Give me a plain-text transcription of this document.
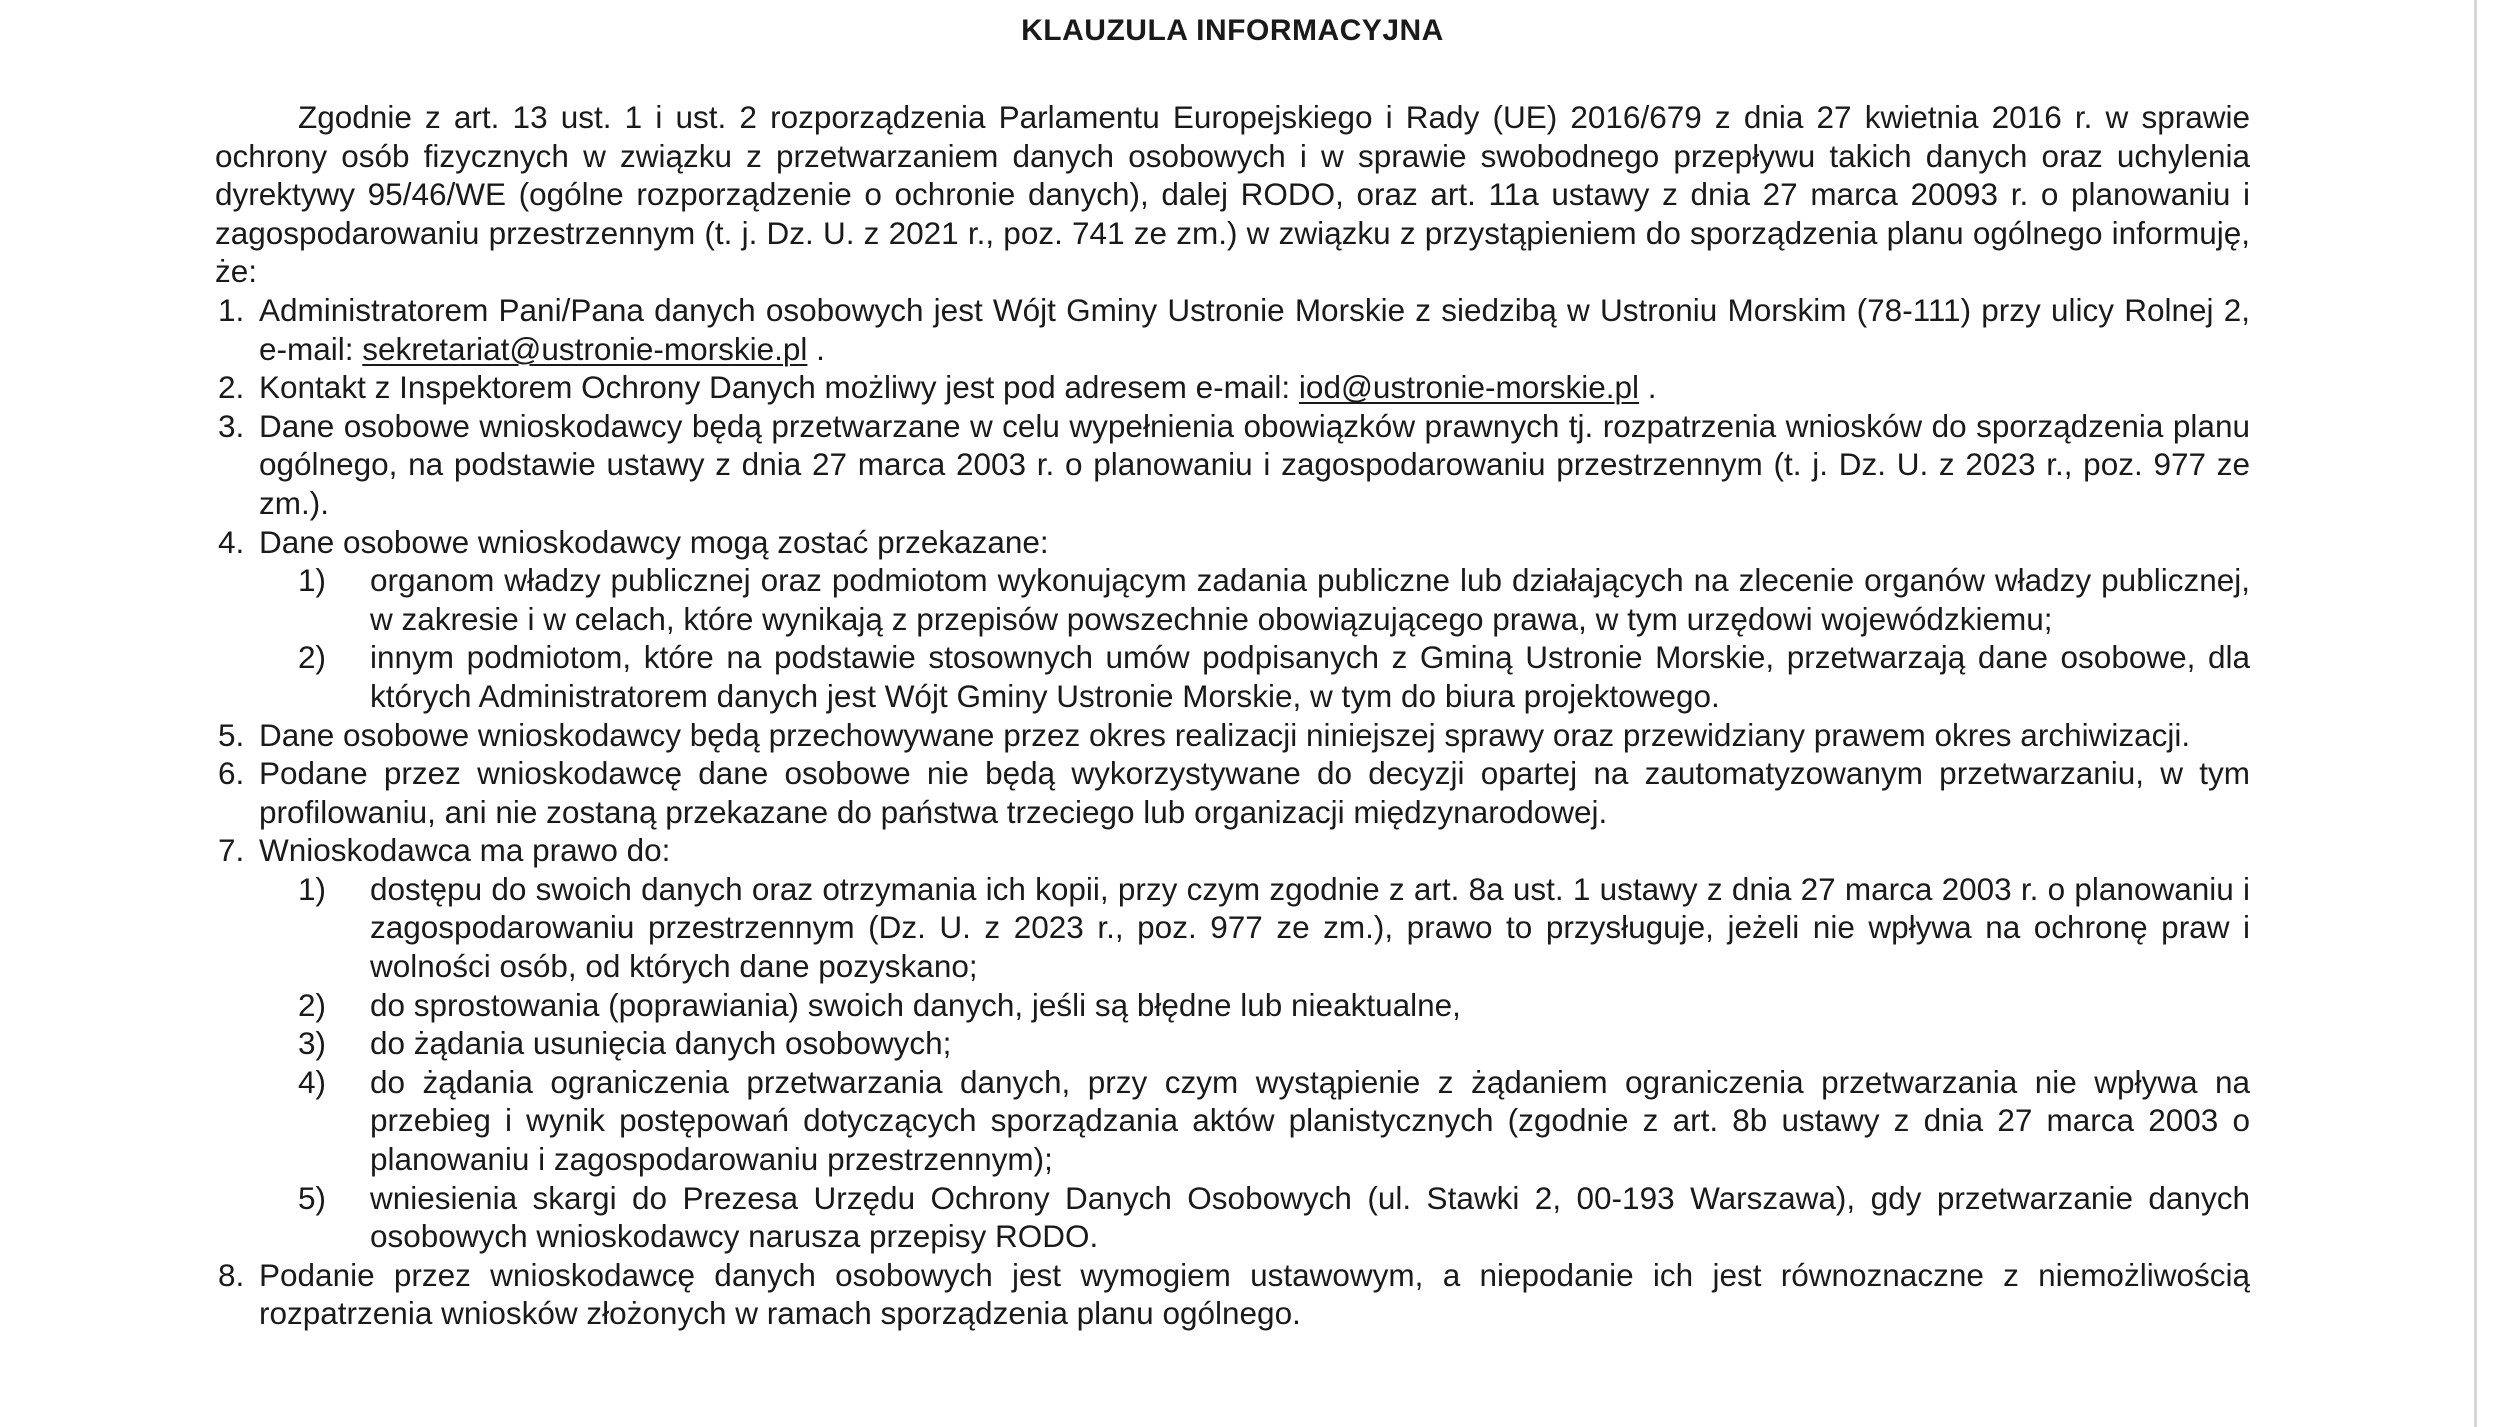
KLAUZULA INFORMACYJNA

Zgodnie z art. 13 ust. 1 i ust. 2 rozporządzenia Parlamentu Europejskiego i Rady (UE) 2016/679 z dnia 27 kwietnia 2016 r. w sprawie ochrony osób fizycznych w związku z przetwarzaniem danych osobowych i w sprawie swobodnego przepływu takich danych oraz uchylenia dyrektywy 95/46/WE (ogólne rozporządzenie o ochronie danych), dalej RODO, oraz art. 11a ustawy z dnia 27 marca 20093 r. o planowaniu i zagospodarowaniu przestrzennym (t. j. Dz. U. z 2021 r., poz. 741 ze zm.) w związku z przystąpieniem do sporządzenia planu ogólnego informuję, że:

1. Administratorem Pani/Pana danych osobowych jest Wójt Gminy Ustronie Morskie z siedzibą w Ustroniu Morskim (78-111) przy ulicy Rolnej 2, e-mail: sekretariat@ustronie-morskie.pl .
2. Kontakt z Inspektorem Ochrony Danych możliwy jest pod adresem e-mail: iod@ustronie-morskie.pl .
3. Dane osobowe wnioskodawcy będą przetwarzane w celu wypełnienia obowiązków prawnych tj. rozpatrzenia wniosków do sporządzenia planu ogólnego, na podstawie ustawy z dnia 27 marca 2003 r. o planowaniu i zagospodarowaniu przestrzennym (t. j. Dz. U. z 2023 r., poz. 977 ze zm.).
4. Dane osobowe wnioskodawcy mogą zostać przekazane:
1) organom władzy publicznej oraz podmiotom wykonującym zadania publiczne lub działających na zlecenie organów władzy publicznej, w zakresie i w celach, które wynikają z przepisów powszechnie obowiązującego prawa, w tym urzędowi wojewódzkiemu;
2) innym podmiotom, które na podstawie stosownych umów podpisanych z Gminą Ustronie Morskie, przetwarzają dane osobowe, dla których Administratorem danych jest Wójt Gminy Ustronie Morskie, w tym do biura projektowego.
5. Dane osobowe wnioskodawcy będą przechowywane przez okres realizacji niniejszej sprawy oraz przewidziany prawem okres archiwizacji.
6. Podane przez wnioskodawcę dane osobowe nie będą wykorzystywane do decyzji opartej na zautomatyzowanym przetwarzaniu, w tym profilowaniu, ani nie zostaną przekazane do państwa trzeciego lub organizacji międzynarodowej.
7. Wnioskodawca ma prawo do:
1) dostępu do swoich danych oraz otrzymania ich kopii, przy czym zgodnie z art. 8a ust. 1 ustawy z dnia 27 marca 2003 r. o planowaniu i zagospodarowaniu przestrzennym (Dz. U. z 2023 r., poz. 977 ze zm.), prawo to przysługuje, jeżeli nie wpływa na ochronę praw i wolności osób, od których dane pozyskano;
2) do sprostowania (poprawiania) swoich danych, jeśli są błędne lub nieaktualne,
3) do żądania usunięcia danych osobowych;
4) do żądania ograniczenia przetwarzania danych, przy czym wystąpienie z żądaniem ograniczenia przetwarzania nie wpływa na przebieg i wynik postępowań dotyczących sporządzania aktów planistycznych (zgodnie z art. 8b ustawy z dnia 27 marca 2003 o planowaniu i zagospodarowaniu przestrzennym);
5) wniesienia skargi do Prezesa Urzędu Ochrony Danych Osobowych (ul. Stawki 2, 00-193 Warszawa), gdy przetwarzanie danych osobowych wnioskodawcy narusza przepisy RODO.
8. Podanie przez wnioskodawcę danych osobowych jest wymogiem ustawowym, a niepodanie ich jest równoznaczne z niemożliwością rozpatrzenia wniosków złożonych w ramach sporządzenia planu ogólnego.
